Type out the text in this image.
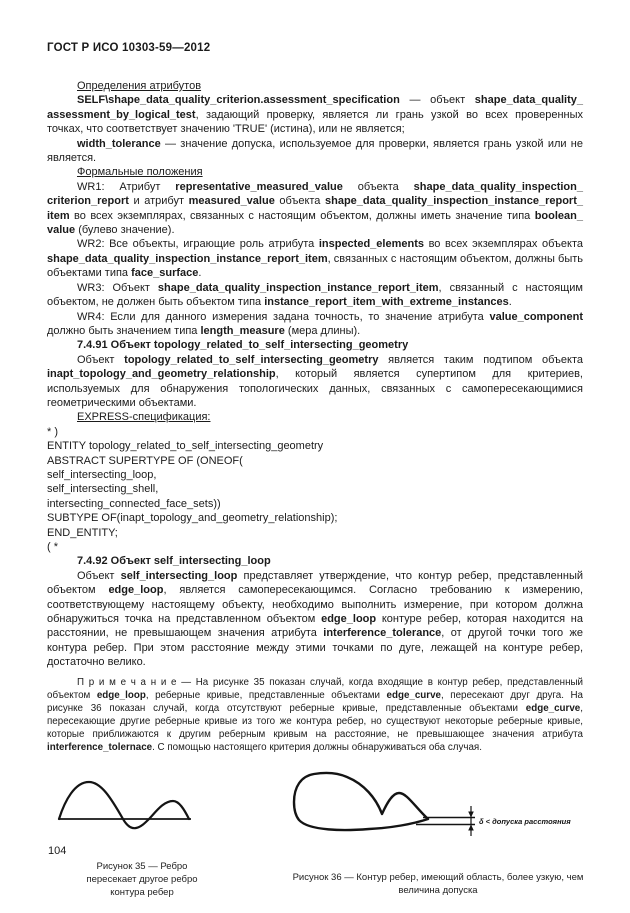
ГОСТ Р ИСО 10303-59—2012
Определения атрибутов
SELF\shape_​data_​quality_​criterion.assessment_​specification — объект shape_​data_​quality_​assessment_​by_​logical_​test, задающий проверку, является ли грань узкой во всех проверенных точках, что соответствует значению 'TRUE' (истина), или не является;
width_​tolerance — значение допуска, используемое для проверки, является грань узкой или не является.
Формальные положения
WR1: Атрибут representative_​measured_​value объекта shape_​data_​quality_​inspection_​criterion_​report и атрибут measured_​value объекта shape_​data_​quality_​inspection_​instance_​report_​item во всех экземплярах, связанных с настоящим объектом, должны иметь значение типа boolean_​value (булево значение).
WR2: Все объекты, играющие роль атрибута inspected_​elements во всех экземплярах объекта shape_​data_​quality_​inspection_​instance_​report_​item, связанных с настоящим объектом, должны быть объектами типа face_​surface.
WR3: Объект shape_​data_​quality_​inspection_​instance_​report_​item, связанный с настоящим объектом, не должен быть объектом типа instance_​report_​item_​with_​extreme_​instances.
WR4: Если для данного измерения задана точность, то значение атрибута value_​component должно быть значением типа length_​measure (мера длины).
7.4.91 Объект topology_​related_​to_​self_​intersecting_​geometry
Объект topology_​related_​to_​self_​intersecting_​geometry является таким подтипом объекта inapt_​topology_​and_​geometry_​relationship, который является супертипом для критериев, используемых для обнаружения топологических данных, связанных с самопересекающимися геометрическими объектами.
EXPRESS-спецификация:
* )
ENTITY topology_​related_​to_​self_​intersecting_​geometry
ABSTRACT SUPERTYPE OF (ONEOF(
self_​intersecting_​loop,
self_​intersecting_​shell,
intersecting_​connected_​face_​sets))
SUBTYPE OF(inapt_​topology_​and_​geometry_​relationship);
END_​ENTITY;
( *
7.4.92 Объект self_​intersecting_​loop
Объект self_​intersecting_​loop представляет утверждение, что контур ребер, представленный объектом edge_​loop, является самопересекающимся. Согласно требованию к измерению, соответствующему настоящему объекту, необходимо выполнить измерение, при котором должна обнаружиться точка на представленном объектом edge_​loop контуре ребер, которая находится на расстоянии, не превышающем значения атрибута interference_​tolerance, от другой точки того же контура ребер. При этом расстояние между этими точками по дуге, лежащей на контуре ребер, достаточно велико.
П р и м е ч а н и е — На рисунке 35 показан случай, когда входящие в контур ребер, представленный объектом edge_​loop, реберные кривые, представленные объектами edge_​curve, пересекают друг друга. На рисунке 36 показан случай, когда отсутствуют реберные кривые, представленные объектами edge_​curve, пересекающие другие реберные кривые из того же контура ребер, но существуют некоторые реберные кривые, которые приближаются к другим реберным кривым на расстояние, не превышающее значения атрибута interference_​tolernace. С помощью настоящего критерия должны обнаруживаться оба случая.
Рисунок 35 — Ребро пересекает другое ребро контура ребер
δ < допуска расстояния
Рисунок 36 — Контур ребер, имеющий область, более узкую, чем величина допуска
104
